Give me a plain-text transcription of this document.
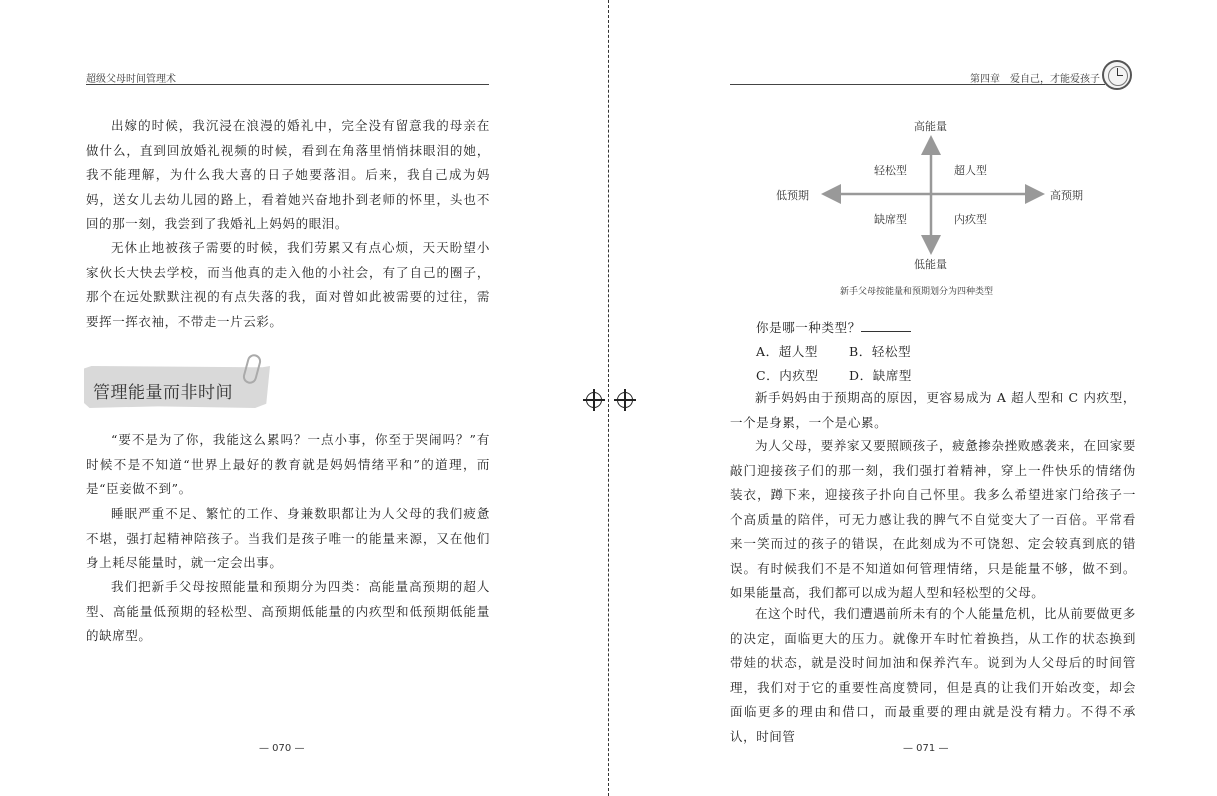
超级父母时间管理术

出嫁的时候，我沉浸在浪漫的婚礼中，完全没有留意我的母亲在做什么，直到回放婚礼视频的时候，看到在角落里悄悄抹眼泪的她，我不能理解，为什么我大喜的日子她要落泪。后来，我自己成为妈妈，送女儿去幼儿园的路上，看着她兴奋地扑到老师的怀里，头也不回的那一刻，我尝到了我婚礼上妈妈的眼泪。

无休止地被孩子需要的时候，我们劳累又有点心烦，天天盼望小家伙长大快去学校，而当他真的走入他的小社会，有了自己的圈子，那个在远处默默注视的有点失落的我，面对曾如此被需要的过往，需要挥一挥衣袖，不带走一片云彩。

管理能量而非时间

“要不是为了你，我能这么累吗？一点小事，你至于哭闹吗？”有时候不是不知道“世界上最好的教育就是妈妈情绪平和”的道理，而是“臣妾做不到”。

睡眠严重不足、繁忙的工作、身兼数职都让为人父母的我们疲惫不堪，强打起精神陪孩子。当我们是孩子唯一的能量来源，又在他们身上耗尽能量时，就一定会出事。

我们把新手父母按照能量和预期分为四类：高能量高预期的超人型、高能量低预期的轻松型、高预期低能量的内疚型和低预期低能量的缺席型。

— 070 —
第四章　爱自己，才能爱孩子
高能量
低能量
低预期	高预期
轻松型	超人型
缺席型	内疚型
新手父母按能量和预期划分为四种类型
你是哪一种类型？
A．超人型 B．轻松型
C．内疚型 D．缺席型

新手妈妈由于预期高的原因，更容易成为 A 超人型和 C 内疚型，一个是身累，一个是心累。

为人父母，要养家又要照顾孩子，疲惫掺杂挫败感袭来，在回家要敲门迎接孩子们的那一刻，我们强打着精神，穿上一件快乐的情绪伪装衣，蹲下来，迎接孩子扑向自己怀里。我多么希望进家门给孩子一个高质量的陪伴，可无力感让我的脾气不自觉变大了一百倍。平常看来一笑而过的孩子的错误，在此刻成为不可饶恕、定会较真到底的错误。有时候我们不是不知道如何管理情绪，只是能量不够，做不到。如果能量高，我们都可以成为超人型和轻松型的父母。

在这个时代，我们遭遇前所未有的个人能量危机，比从前要做更多的决定，面临更大的压力。就像开车时忙着换挡，从工作的状态换到带娃的状态，就是没时间加油和保养汽车。说到为人父母后的时间管理，我们对于它的重要性高度赞同，但是真的让我们开始改变，却会面临更多的理由和借口，而最重要的理由就是没有精力。不得不承认，时间管

— 071 —
